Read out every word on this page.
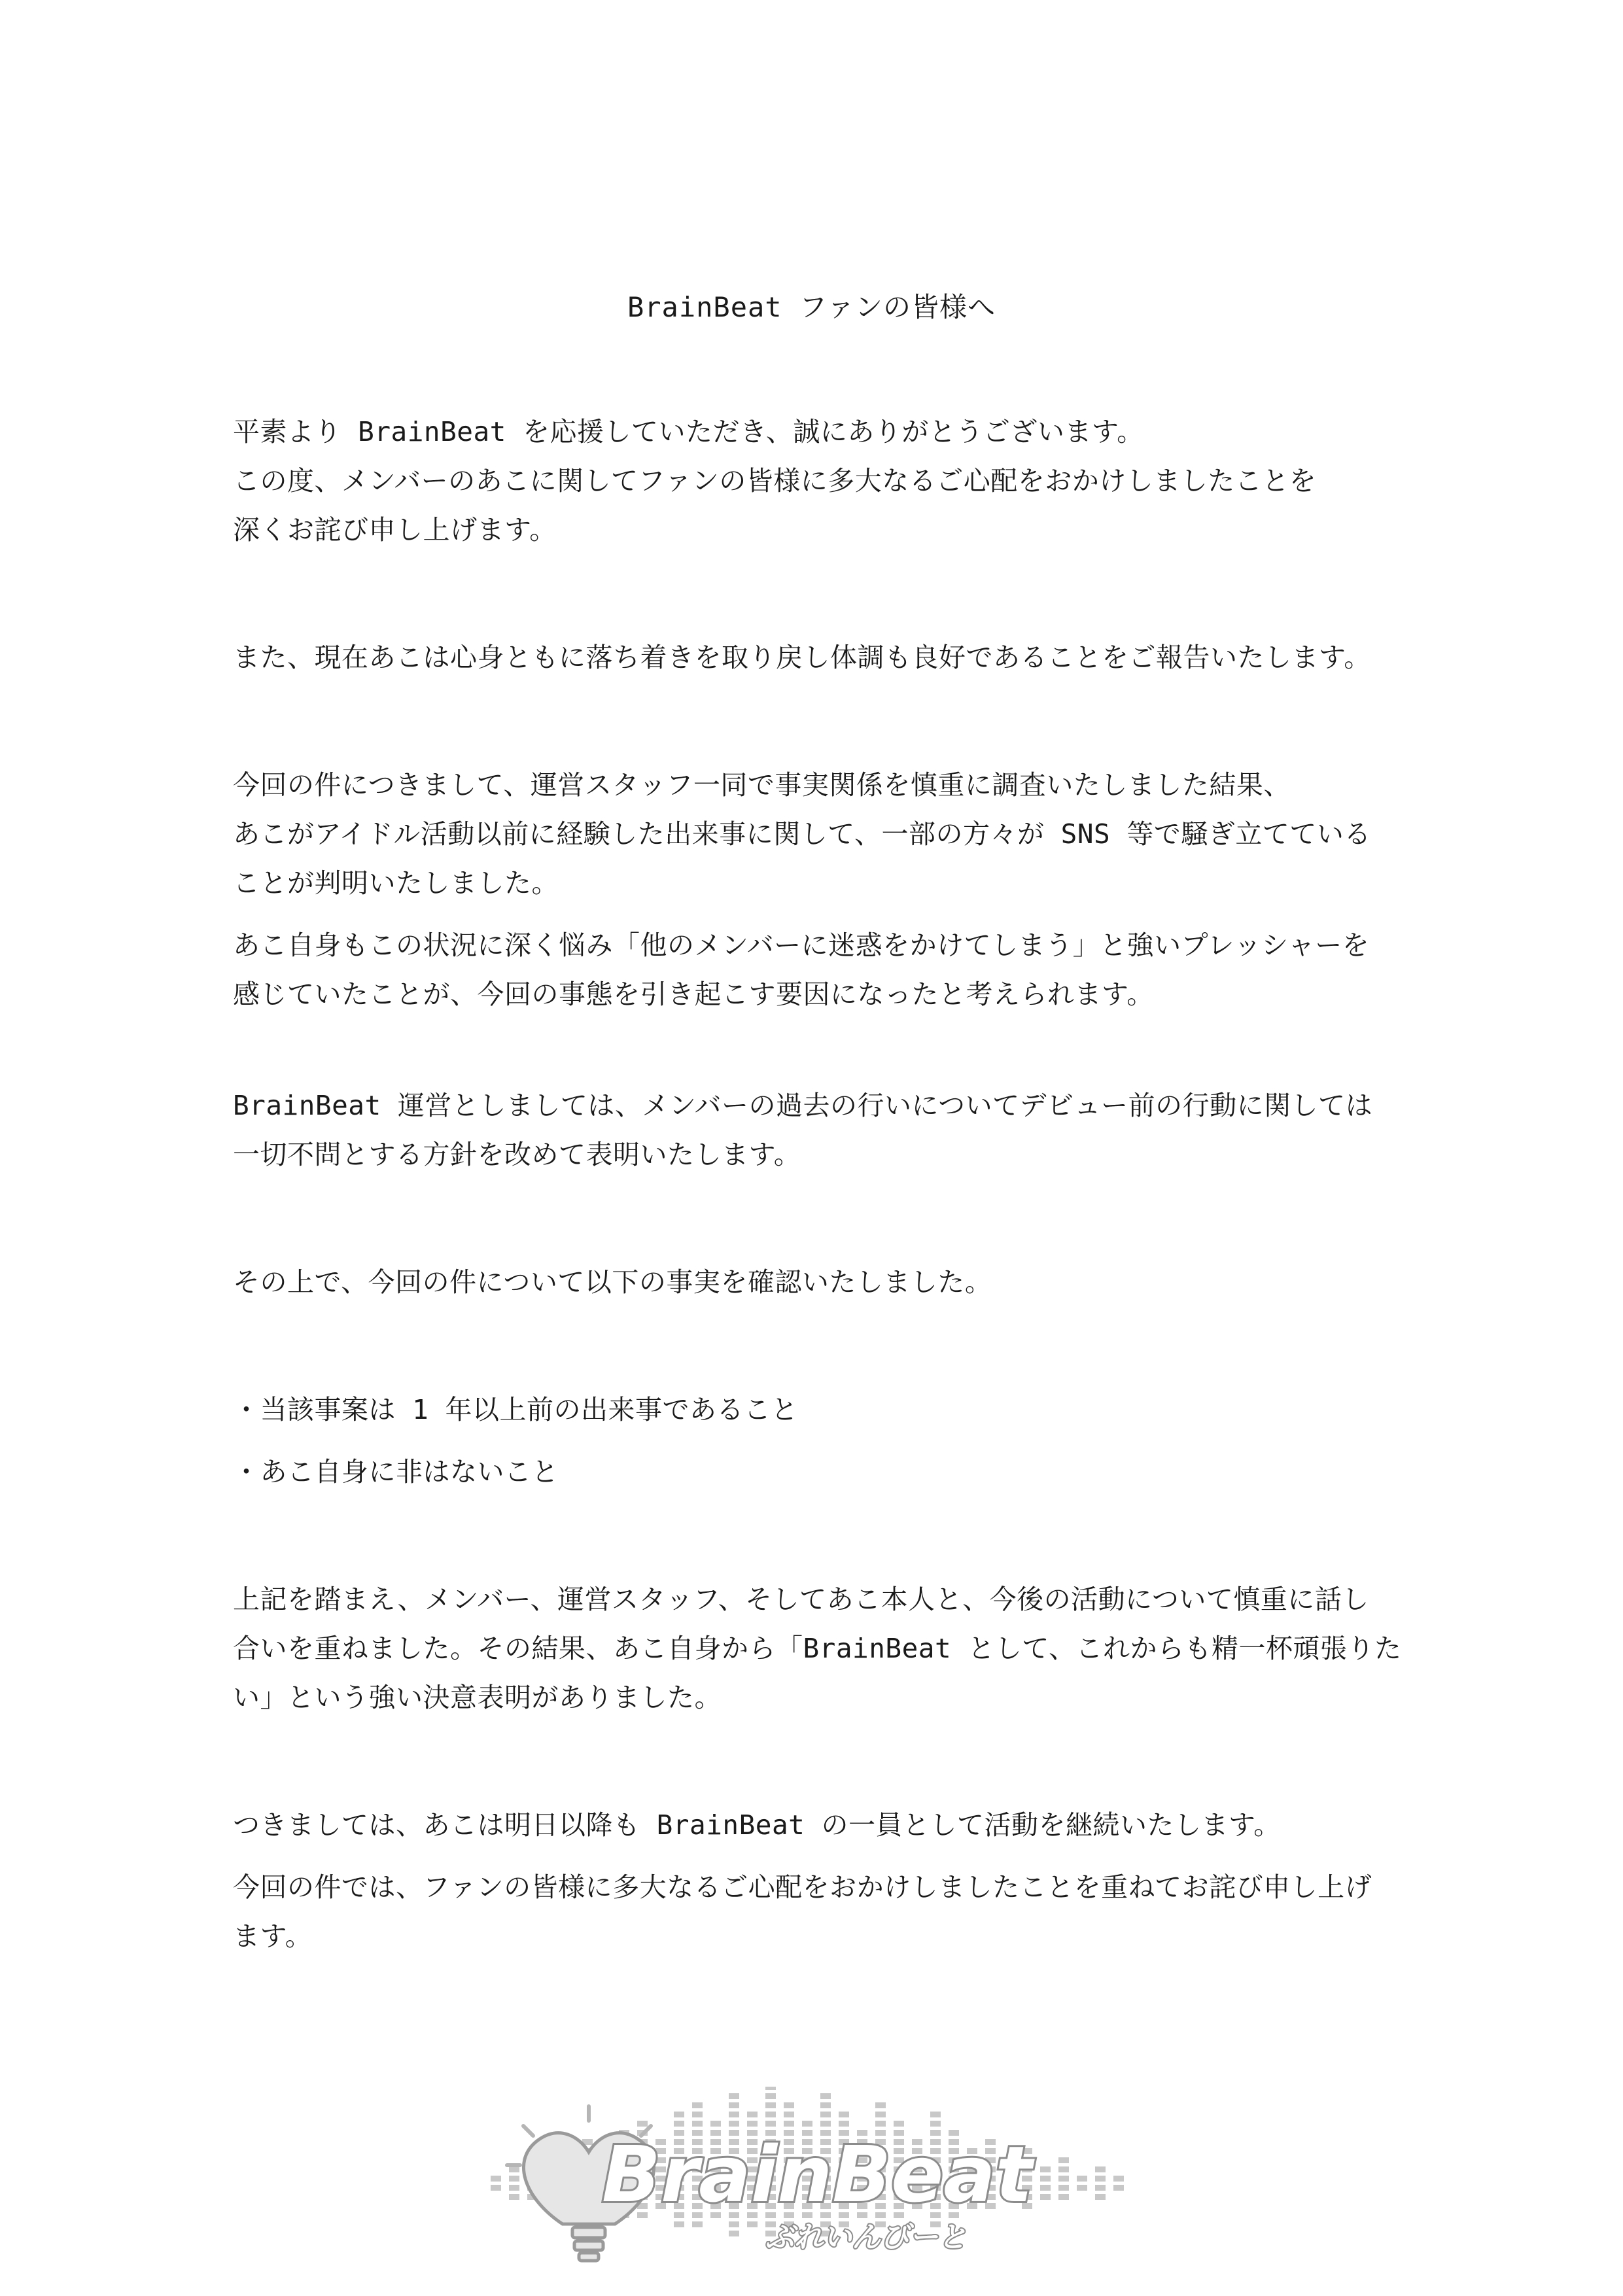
BrainBeat ファンの皆様へ
平素より BrainBeat を応援していただき、誠にありがとうございます。
この度、メンバーのあこに関してファンの皆様に多大なるご心配をおかけしましたことを
深くお詫び申し上げます。
また、現在あこは心身ともに落ち着きを取り戻し体調も良好であることをご報告いたします。
今回の件につきまして、運営スタッフ一同で事実関係を慎重に調査いたしました結果、
あこがアイドル活動以前に経験した出来事に関して、一部の方々が SNS 等で騒ぎ立てている
ことが判明いたしました。
あこ自身もこの状況に深く悩み「他のメンバーに迷惑をかけてしまう」と強いプレッシャーを
感じていたことが、今回の事態を引き起こす要因になったと考えられます。
BrainBeat 運営としましては、メンバーの過去の行いについてデビュー前の行動に関しては
一切不問とする方針を改めて表明いたします。
その上で、今回の件について以下の事実を確認いたしました。
・当該事案は 1 年以上前の出来事であること
・あこ自身に非はないこと
上記を踏まえ、メンバー、運営スタッフ、そしてあこ本人と、今後の活動について慎重に話し
合いを重ねました。その結果、あこ自身から「BrainBeat として、これからも精一杯頑張りた
い」という強い決意表明がありました。
つきましては、あこは明日以降も BrainBeat の一員として活動を継続いたします。
今回の件では、ファンの皆様に多大なるご心配をおかけしましたことを重ねてお詫び申し上げ
ます。
BrainBeat
ぶれいんびーと
